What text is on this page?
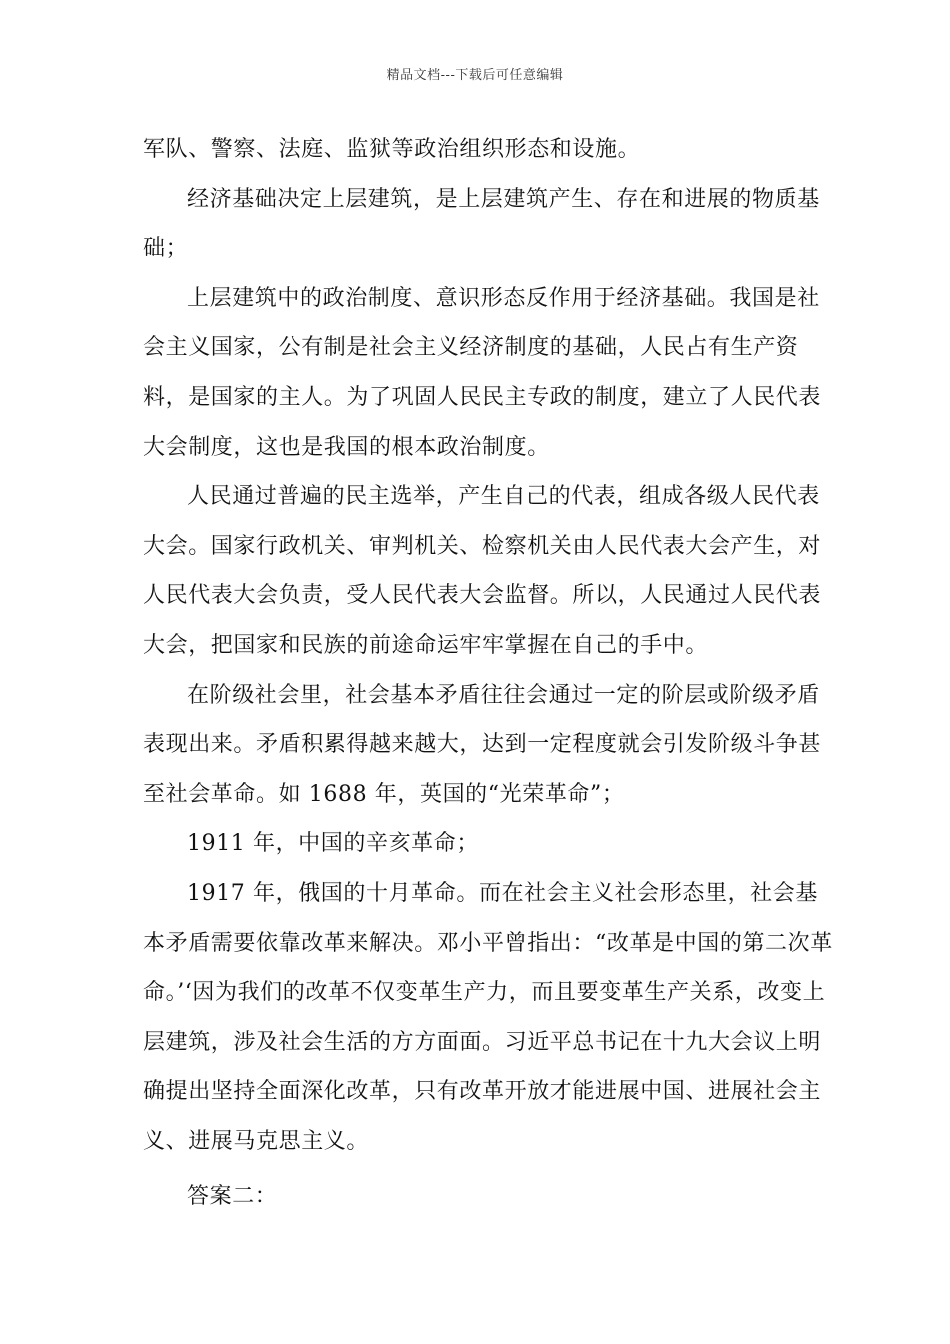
精品文档---下载后可任意编辑

军队、警察、法庭、监狱等政治组织形态和设施。

经济基础决定上层建筑，是上层建筑产生、存在和进展的物质基础；

上层建筑中的政治制度、意识形态反作用于经济基础。我国是社会主义国家，公有制是社会主义经济制度的基础，人民占有生产资料，是国家的主人。为了巩固人民民主专政的制度，建立了人民代表大会制度，这也是我国的根本政治制度。

人民通过普遍的民主选举，产生自己的代表，组成各级人民代表大会。国家行政机关、审判机关、检察机关由人民代表大会产生，对人民代表大会负责，受人民代表大会监督。所以，人民通过人民代表大会，把国家和民族的前途命运牢牢掌握在自己的手中。

在阶级社会里，社会基本矛盾往往会通过一定的阶层或阶级矛盾表现出来。矛盾积累得越来越大，达到一定程度就会引发阶级斗争甚至社会革命。如 1688 年，英国的“光荣革命”；

1911 年，中国的辛亥革命；

1917 年，俄国的十月革命。而在社会主义社会形态里，社会基本矛盾需要依靠改革来解决。邓小平曾指出：“改革是中国的第二次革命。’‘因为我们的改革不仅变革生产力，而且要变革生产关系，改变上层建筑，涉及社会生活的方方面面。习近平总书记在十九大会议上明确提出坚持全面深化改革，只有改革开放才能进展中国、进展社会主义、进展马克思主义。

答案二：
